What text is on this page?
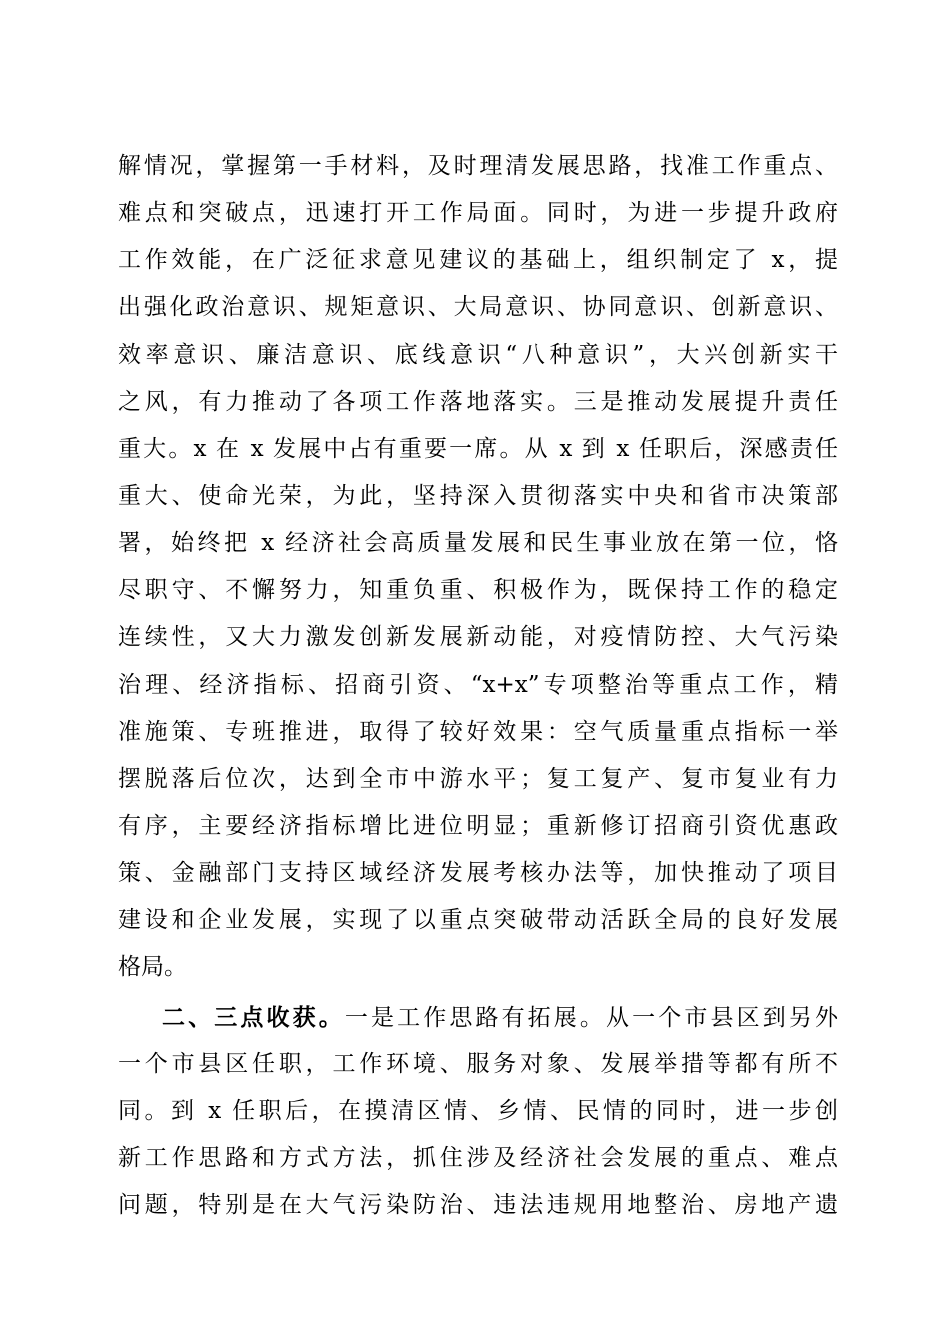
解情况，掌握第一手材料，及时理清发展思路，找准工作重点、
难点和突破点，迅速打开工作局面。同时，为进一步提升政府
工作效能，在广泛征求意见建议的基础上，组织制定了 x，提
出强化政治意识、规矩意识、大局意识、协同意识、创新意识、
效率意识、廉洁意识、底线意识“八种意识”，大兴创新实干
之风，有力推动了各项工作落地落实。三是推动发展提升责任
重大。x 在 x 发展中占有重要一席。从 x 到 x 任职后，深感责任
重大、使命光荣，为此，坚持深入贯彻落实中央和省市决策部
署，始终把 x 经济社会高质量发展和民生事业放在第一位，恪
尽职守、不懈努力，知重负重、积极作为，既保持工作的稳定
连续性，又大力激发创新发展新动能，对疫情防控、大气污染
治理、经济指标、招商引资、“x+x”专项整治等重点工作，精
准施策、专班推进，取得了较好效果：空气质量重点指标一举
摆脱落后位次，达到全市中游水平；复工复产、复市复业有力
有序，主要经济指标增比进位明显；重新修订招商引资优惠政
策、金融部门支持区域经济发展考核办法等，加快推动了项目
建设和企业发展，实现了以重点突破带动活跃全局的良好发展
格局。
二、三点收获。一是工作思路有拓展。从一个市县区到另外
一个市县区任职，工作环境、服务对象、发展举措等都有所不
同。到 x 任职后，在摸清区情、乡情、民情的同时，进一步创
新工作思路和方式方法，抓住涉及经济社会发展的重点、难点
问题，特别是在大气污染防治、违法违规用地整治、房地产遗
